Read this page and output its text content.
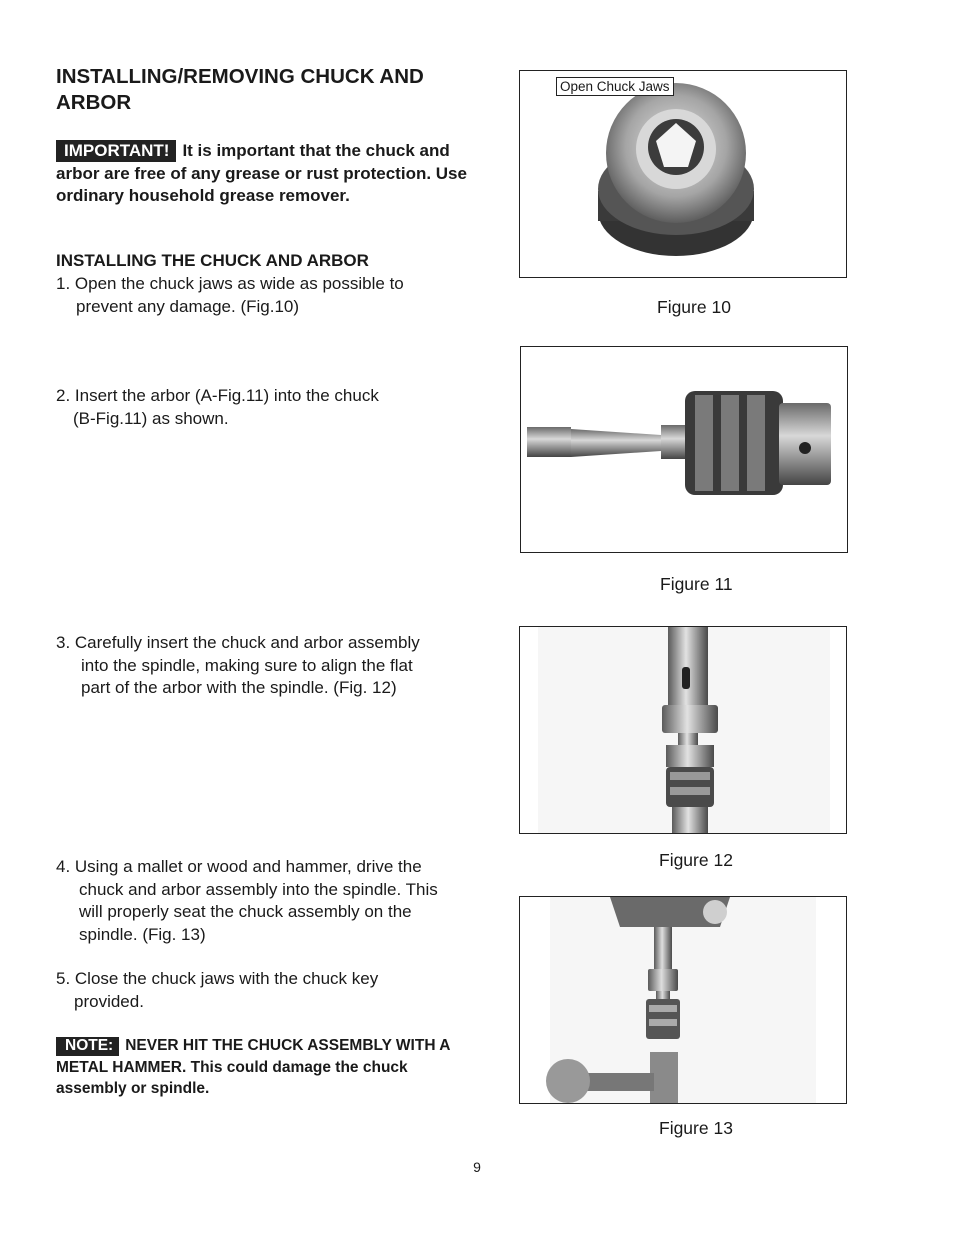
INSTALLING/REMOVING CHUCK AND ARBOR
IMPORTANT! It is important that the chuck and arbor are free of any grease or rust protection. Use ordinary household grease remover.
INSTALLING THE CHUCK AND ARBOR
1. Open the chuck jaws as wide as possible to
prevent any damage. (Fig.10)
2. Insert the arbor (A-Fig.11) into the chuck
(B-Fig.11) as shown.
3. Carefully insert the chuck and arbor assembly
into the spindle, making sure to align the flat
part of the arbor with the spindle. (Fig. 12)
4. Using a mallet or wood and hammer, drive the
chuck and arbor assembly into the spindle. This
will properly seat the chuck assembly on the
spindle. (Fig. 13)
5. Close the chuck jaws with the chuck key
provided.
NOTE: NEVER HIT THE CHUCK ASSEMBLY WITH A METAL HAMMER. This could damage the chuck assembly or spindle.
Open Chuck Jaws
Figure 10
Figure 11
Figure 12
Figure 13
9
